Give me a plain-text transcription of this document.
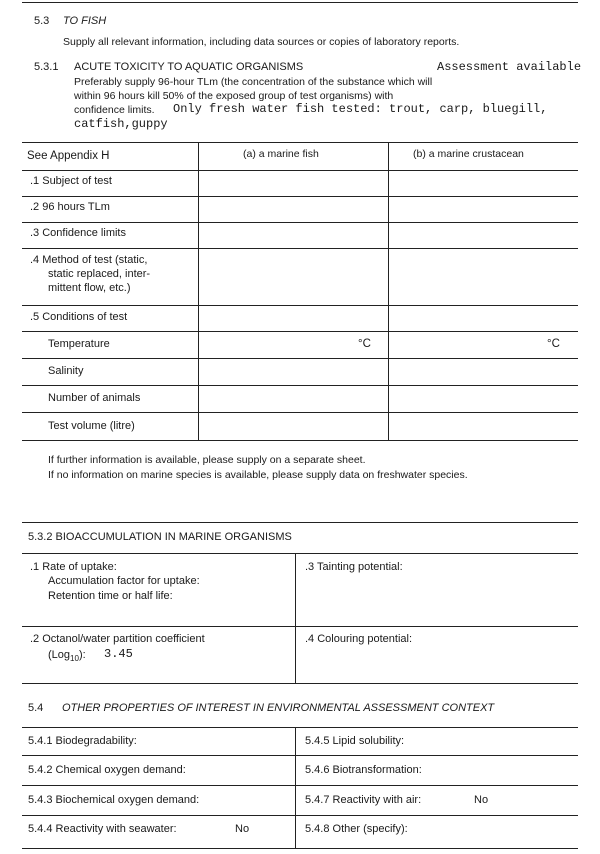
5.3 TO FISH
Supply all relevant information, including data sources or copies of laboratory reports.
5.3.1 ACUTE TOXICITY TO AQUATIC ORGANISMS	Assessment available
Preferably supply 96-hour TLm (the concentration of the substance which will
within 96 hours kill 50% of the exposed group of test organisms) with
confidence limits. Only fresh water fish tested: trout, carp, bluegill,
catfish,guppy
See Appendix H	(a) a marine fish	(b) a marine crustacean
.1 Subject of test
.2 96 hours TLm
.3 Confidence limits
.4 Method of test (static,
static replaced, inter-
mittent flow, etc.)
.5 Conditions of test
Temperature	°C	°C
Salinity
Number of animals
Test volume (litre)
If further information is available, please supply on a separate sheet.
If no information on marine species is available, please supply data on freshwater species.
5.3.2 BIOACCUMULATION IN MARINE ORGANISMS
.1 Rate of uptake:
Accumulation factor for uptake:
Retention time or half life:
.3 Tainting potential:
.2 Octanol/water partition coefficient
(Log$_{10}$): 3.45
.4 Colouring potential:
5.4 OTHER PROPERTIES OF INTEREST IN ENVIRONMENTAL ASSESSMENT CONTEXT
5.4.1 Biodegradability:	5.4.5 Lipid solubility:
5.4.2 Chemical oxygen demand:	5.4.6 Biotransformation:
5.4.3 Biochemical oxygen demand:	5.4.7 Reactivity with air:	No
5.4.4 Reactivity with seawater:	No	5.4.8 Other (specify):
